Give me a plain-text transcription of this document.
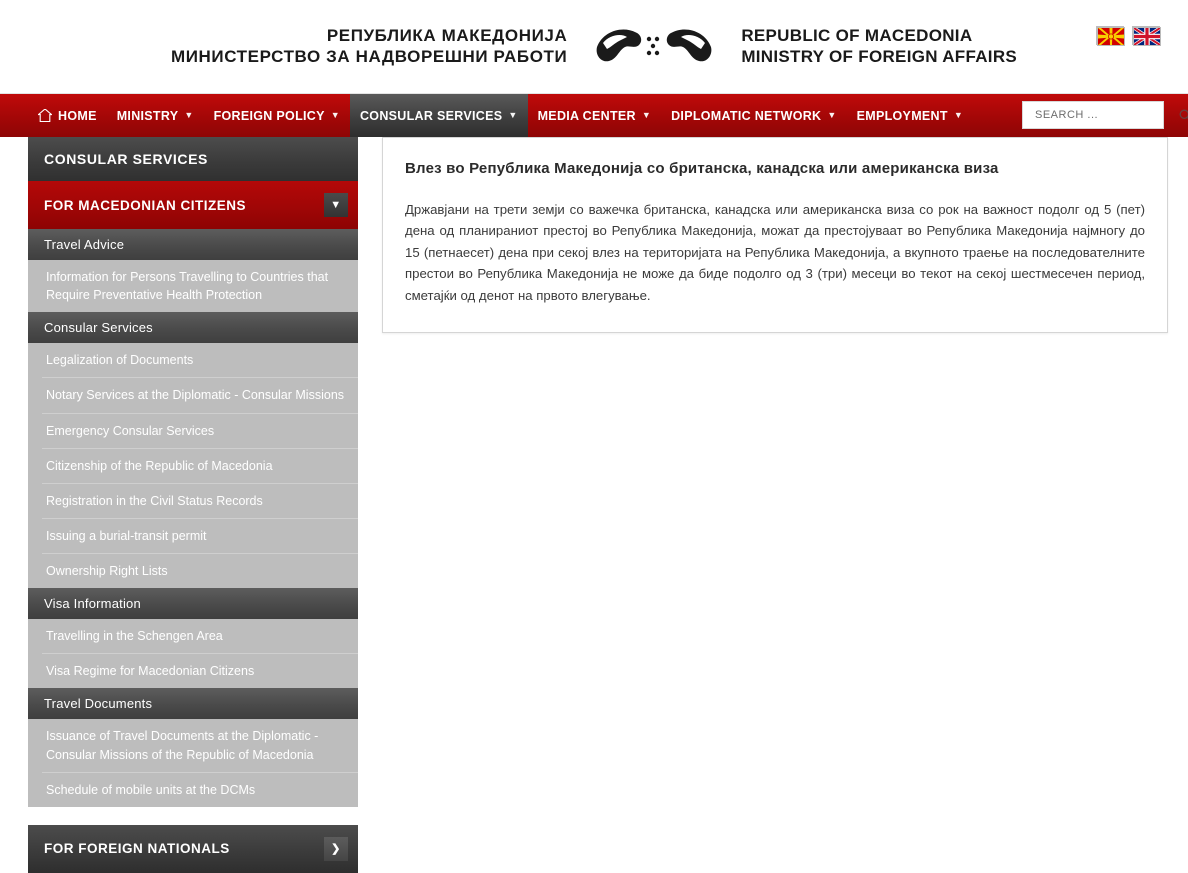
РЕПУБЛИКА МАКЕДОНИЈА
МИНИСТЕРСТВО ЗА НАДВОРЕШНИ РАБОТИ
REPUBLIC OF MACEDONIA
MINISTRY OF FOREIGN AFFAIRS
HOME MINISTRY ▼ FOREIGN POLICY ▼ CONSULAR SERVICES ▼ MEDIA CENTER ▼ DIPLOMATIC NETWORK ▼ EMPLOYMENT ▼
SEARCH ...
CONSULAR SERVICES
FOR MACEDONIAN CITIZENS	▼
Travel Advice
Information for Persons Travelling to Countries that Require Preventative Health Protection
Consular Services
Legalization of Documents
Notary Services at the Diplomatic - Consular Missions
Emergency Consular Services
Citizenship of the Republic of Macedonia
Registration in the Civil Status Records
Issuing a burial-transit permit
Ownership Right Lists
Visa Information
Travelling in the Schengen Area
Visa Regime for Macedonian Citizens
Travel Documents
Issuance of Travel Documents at the Diplomatic - Consular Missions of the Republic of Macedonia
Schedule of mobile units at the DCMs
FOR FOREIGN NATIONALS	❯
Влез во Република Македонија со британска, канадска или американска виза

Државјани на трети земји со важечка британска, канадска или американска виза со рок на важност подолг од 5 (пет) дена од планираниот престој во Република Македонија, можат да престојуваат во Република Македонија најмногу до 15 (петнаесет) дена при секој влез на територијата на Република Македонија, а вкупното траење на последователните престои во Република Македонија не може да биде подолго од 3 (три) месеци во текот на секој шестмесечен период, сметајќи од денот на првото влегување.
